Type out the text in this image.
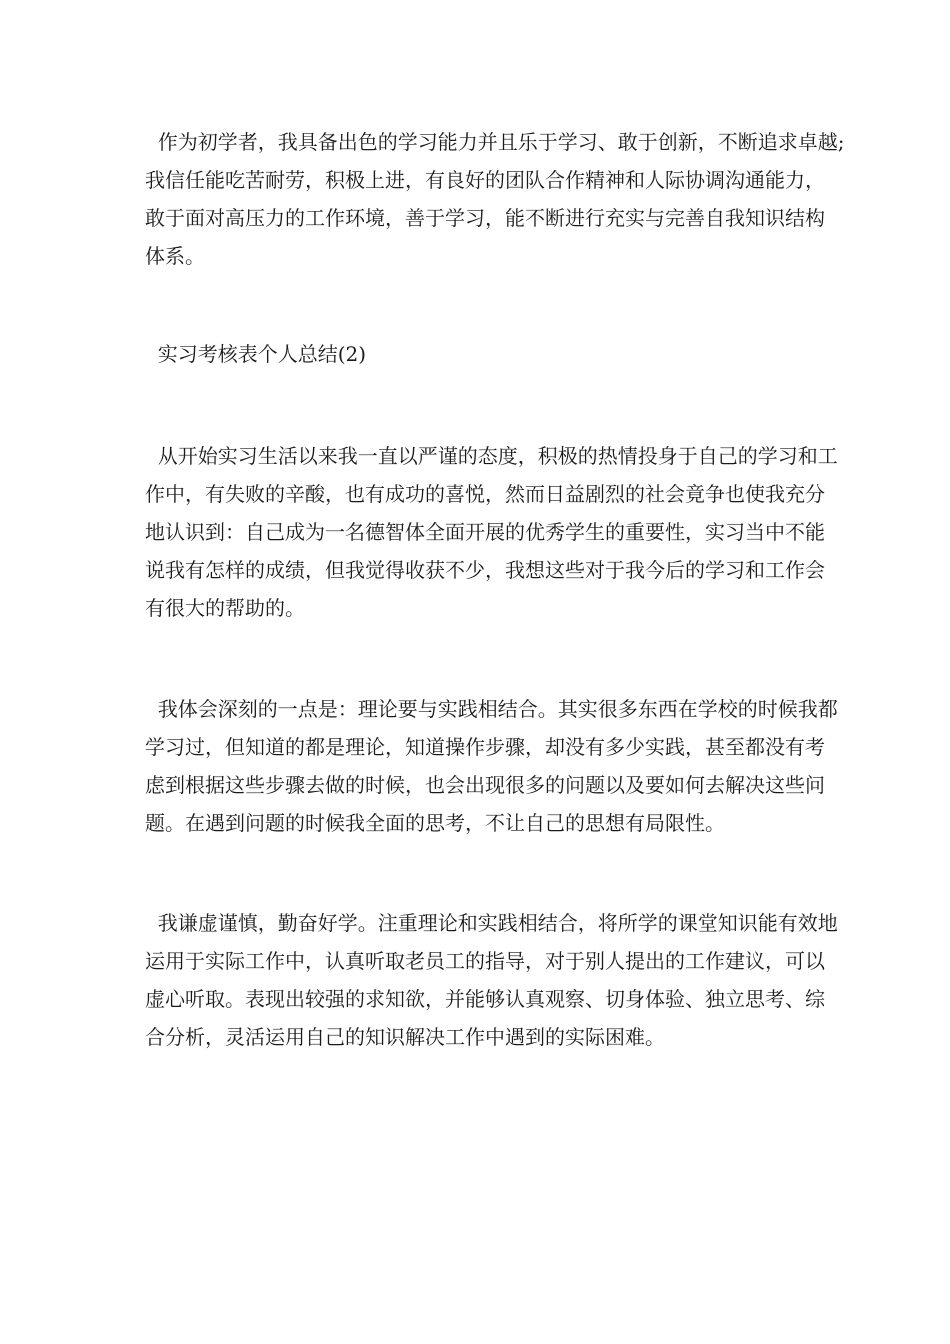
作为初学者，我具备出色的学习能力并且乐于学习、敢于创新，不断追求卓越;
我信任能吃苦耐劳，积极上进，有良好的团队合作精神和人际协调沟通能力，
敢于面对高压力的工作环境，善于学习，能不断进行充实与完善自我知识结构
体系。
实习考核表个人总结(2)
从开始实习生活以来我一直以严谨的态度，积极的热情投身于自己的学习和工
作中，有失败的辛酸，也有成功的喜悦，然而日益剧烈的社会竟争也使我充分
地认识到：自己成为一名德智体全面开展的优秀学生的重要性，实习当中不能
说我有怎样的成绩，但我觉得收获不少，我想这些对于我今后的学习和工作会
有很大的帮助的。
我体会深刻的一点是：理论要与实践相结合。其实很多东西在学校的时候我都
学习过，但知道的都是理论，知道操作步骤，却没有多少实践，甚至都没有考
虑到根据这些步骤去做的时候，也会出现很多的问题以及要如何去解决这些问
题。在遇到问题的时候我全面的思考，不让自己的思想有局限性。
我谦虚谨慎，勤奋好学。注重理论和实践相结合，将所学的课堂知识能有效地
运用于实际工作中，认真听取老员工的指导，对于别人提出的工作建议，可以
虚心听取。表现出较强的求知欲，并能够认真观察、切身体验、独立思考、综
合分析，灵活运用自己的知识解决工作中遇到的实际困难。
